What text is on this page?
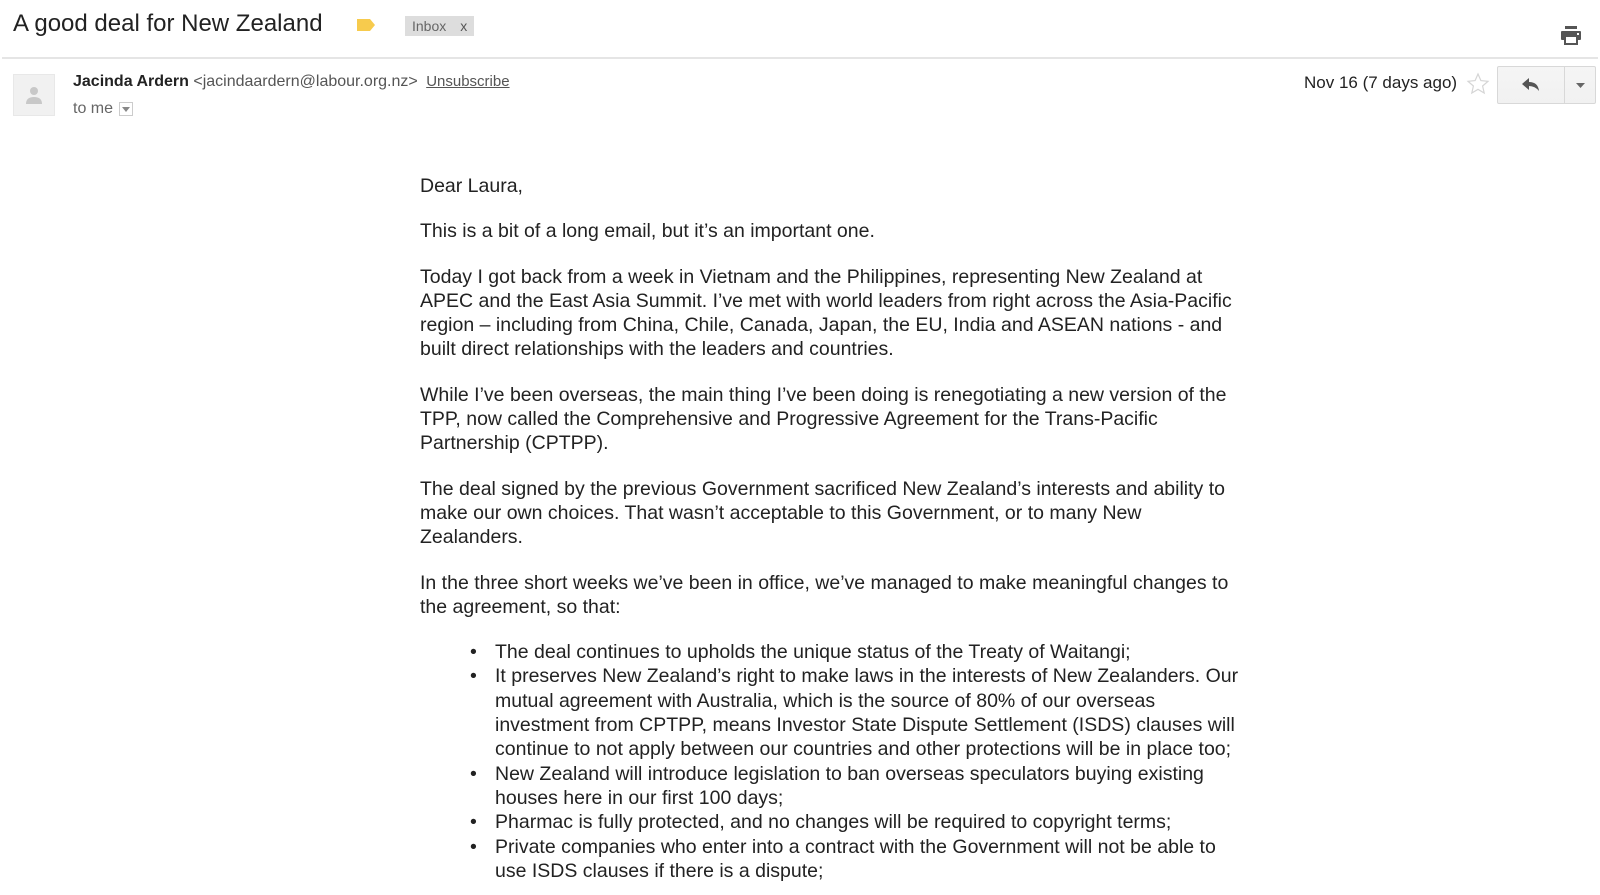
A good deal for New Zealand	Inbox x
Jacinda Ardern <jacindaardern@labour.org.nz> Unsubscribe
to me
Nov 16 (7 days ago)

Dear Laura,

This is a bit of a long email, but it’s an important one.

Today I got back from a week in Vietnam and the Philippines, representing New Zealand at APEC and the East Asia Summit. I’ve met with world leaders from right across the Asia-Pacific region – including from China, Chile, Canada, Japan, the EU, India and ASEAN nations - and built direct relationships with the leaders and countries.

While I’ve been overseas, the main thing I’ve been doing is renegotiating a new version of the TPP, now called the Comprehensive and Progressive Agreement for the Trans-Pacific Partnership (CPTPP).

The deal signed by the previous Government sacrificed New Zealand’s interests and ability to make our own choices. That wasn’t acceptable to this Government, or to many New Zealanders.

In the three short weeks we’ve been in office, we’ve managed to make meaningful changes to the agreement, so that:

• The deal continues to upholds the unique status of the Treaty of Waitangi;
• It preserves New Zealand’s right to make laws in the interests of New Zealanders. Our mutual agreement with Australia, which is the source of 80% of our overseas investment from CPTPP, means Investor State Dispute Settlement (ISDS) clauses will continue to not apply between our countries and other protections will be in place too;
• New Zealand will introduce legislation to ban overseas speculators buying existing houses here in our first 100 days;
• Pharmac is fully protected, and no changes will be required to copyright terms;
• Private companies who enter into a contract with the Government will not be able to use ISDS clauses if there is a dispute;
